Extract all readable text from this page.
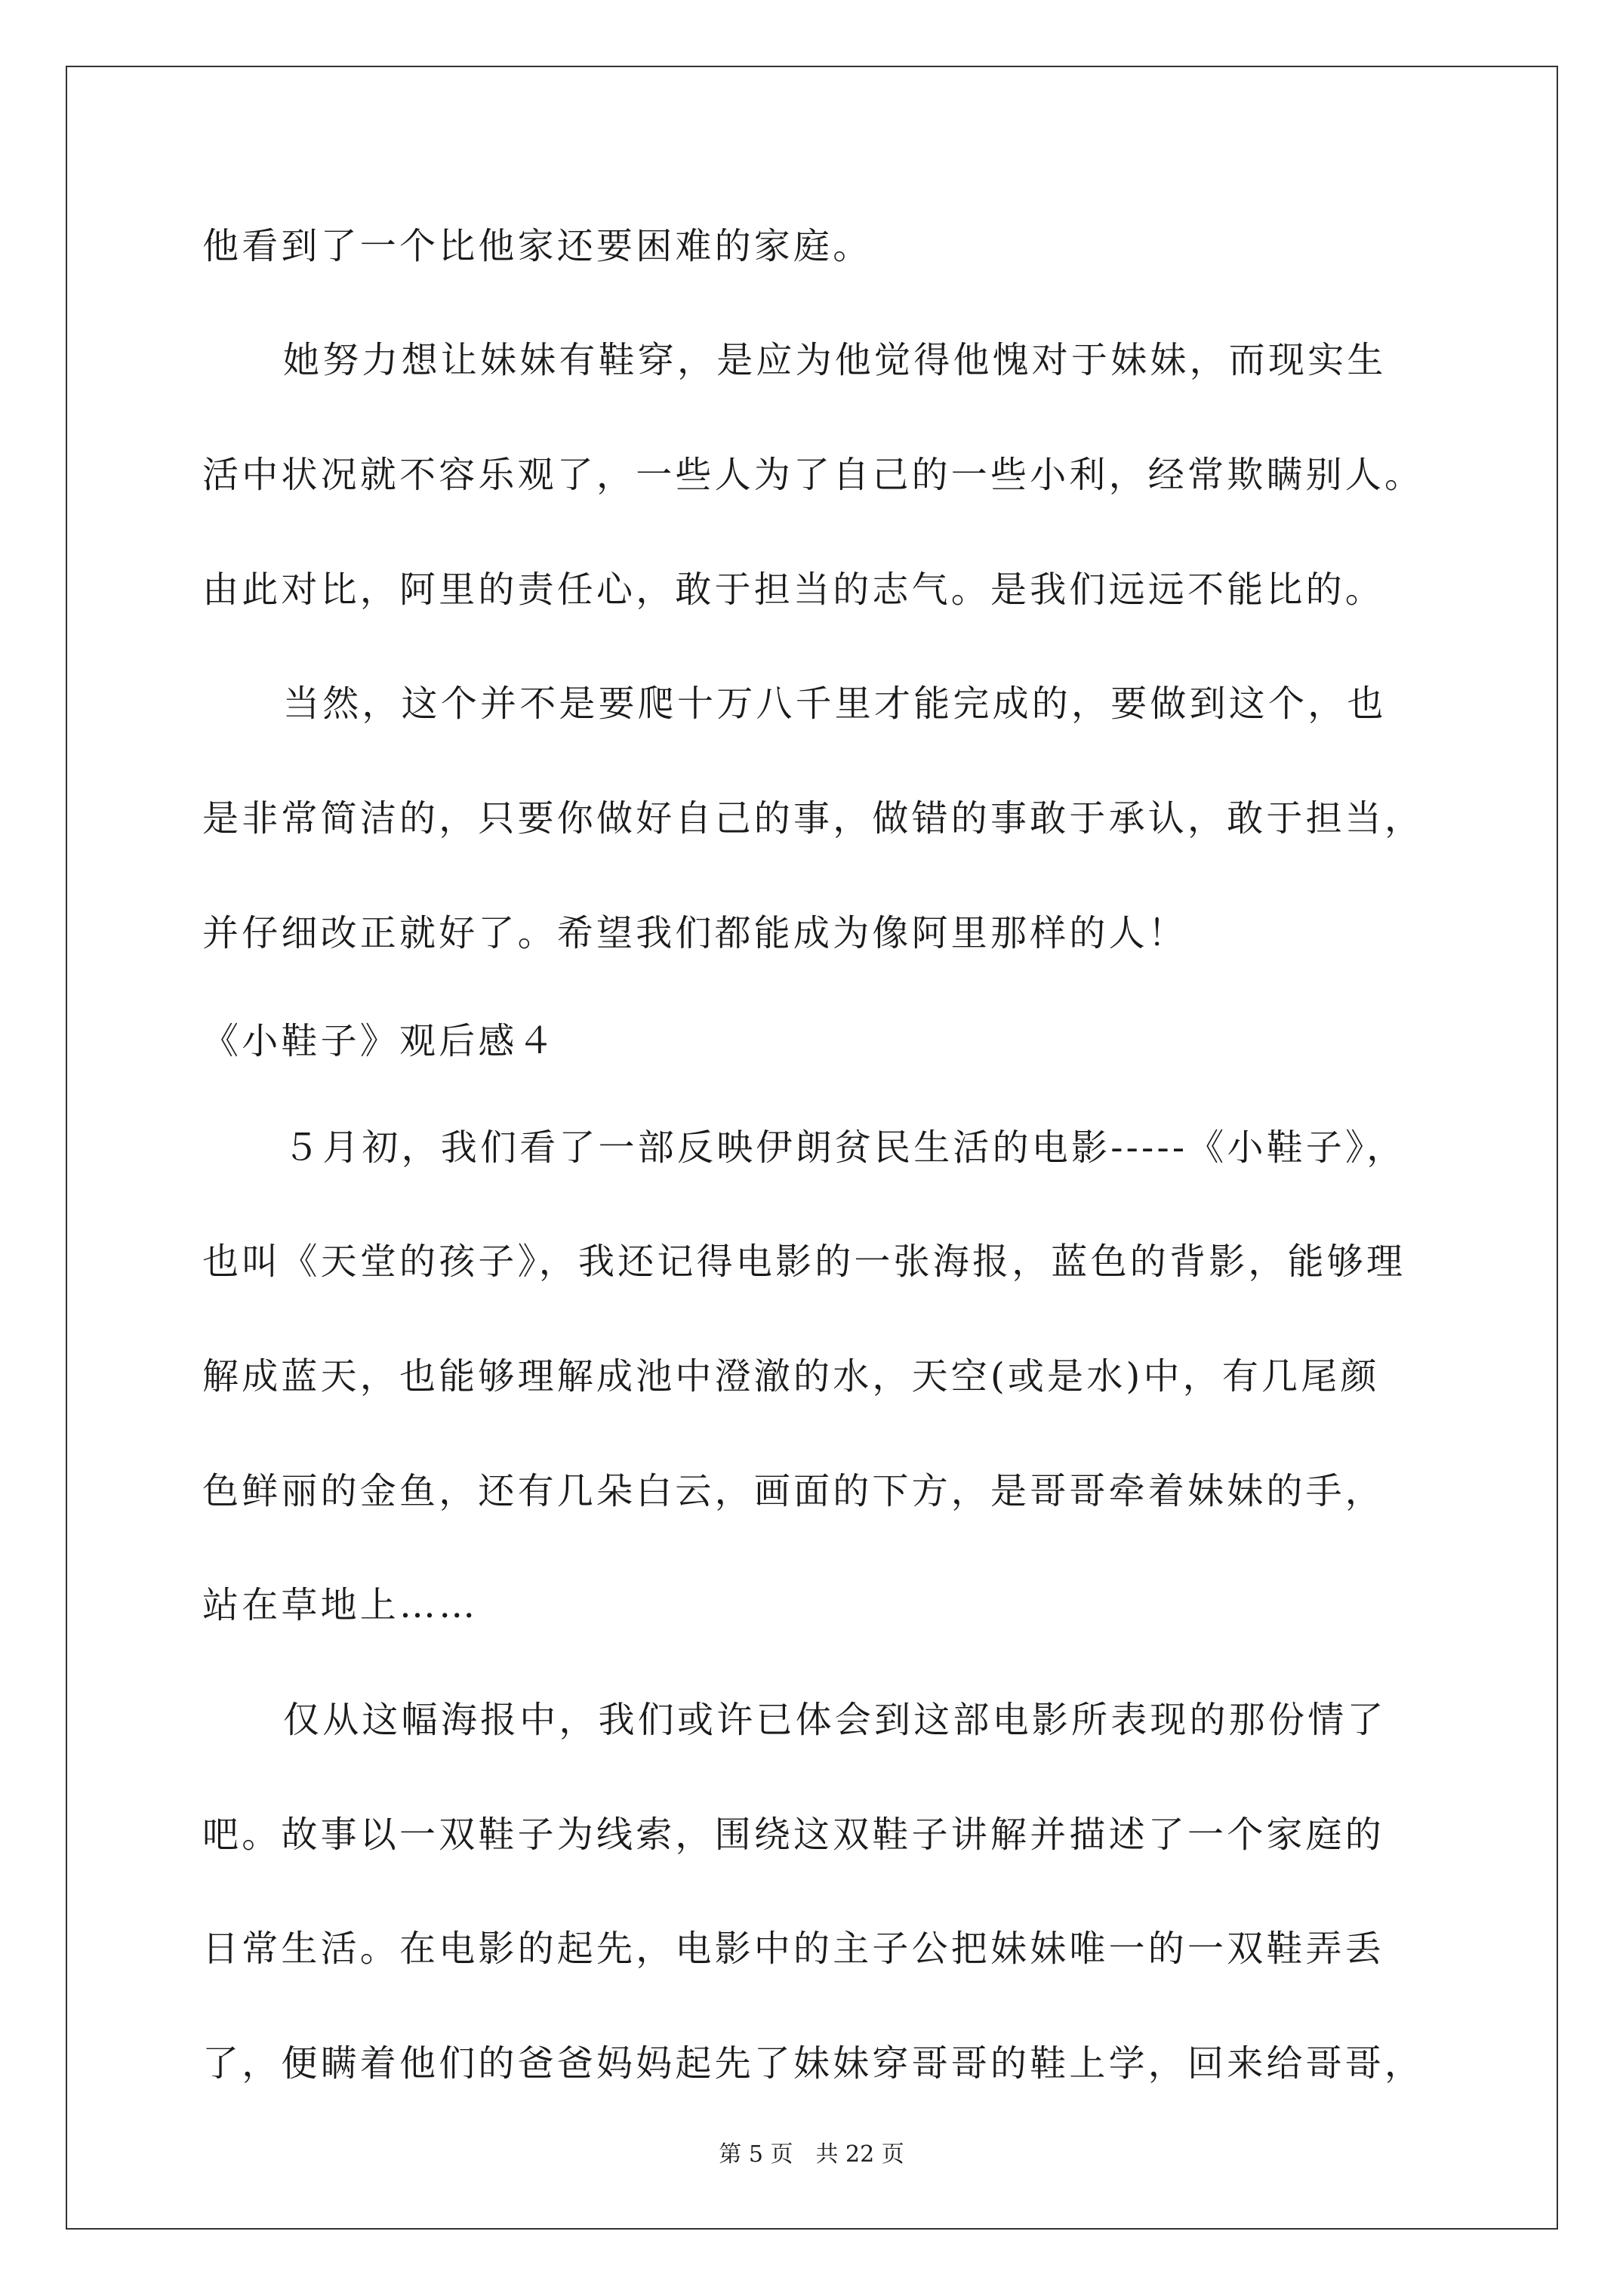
他看到了一个比他家还要困难的家庭。
她努力想让妹妹有鞋穿，是应为他觉得他愧对于妹妹，而现实生
活中状况就不容乐观了，一些人为了自己的一些小利，经常欺瞒别人。
由此对比，阿里的责任心，敢于担当的志气。是我们远远不能比的。
当然，这个并不是要爬十万八千里才能完成的，要做到这个，也
是非常简洁的，只要你做好自己的事，做错的事敢于承认，敢于担当，
并仔细改正就好了。希望我们都能成为像阿里那样的人！
《小鞋子》观后感４
５月初，我们看了一部反映伊朗贫民生活的电影-----《小鞋子》，
也叫《天堂的孩子》，我还记得电影的一张海报，蓝色的背影，能够理
解成蓝天，也能够理解成池中澄澈的水，天空(或是水)中，有几尾颜
色鲜丽的金鱼，还有几朵白云，画面的下方，是哥哥牵着妹妹的手，
站在草地上……
仅从这幅海报中，我们或许已体会到这部电影所表现的那份情了
吧。故事以一双鞋子为线索，围绕这双鞋子讲解并描述了一个家庭的
日常生活。在电影的起先，电影中的主子公把妹妹唯一的一双鞋弄丢
了，便瞒着他们的爸爸妈妈起先了妹妹穿哥哥的鞋上学，回来给哥哥，
第 5 页　共 22 页
